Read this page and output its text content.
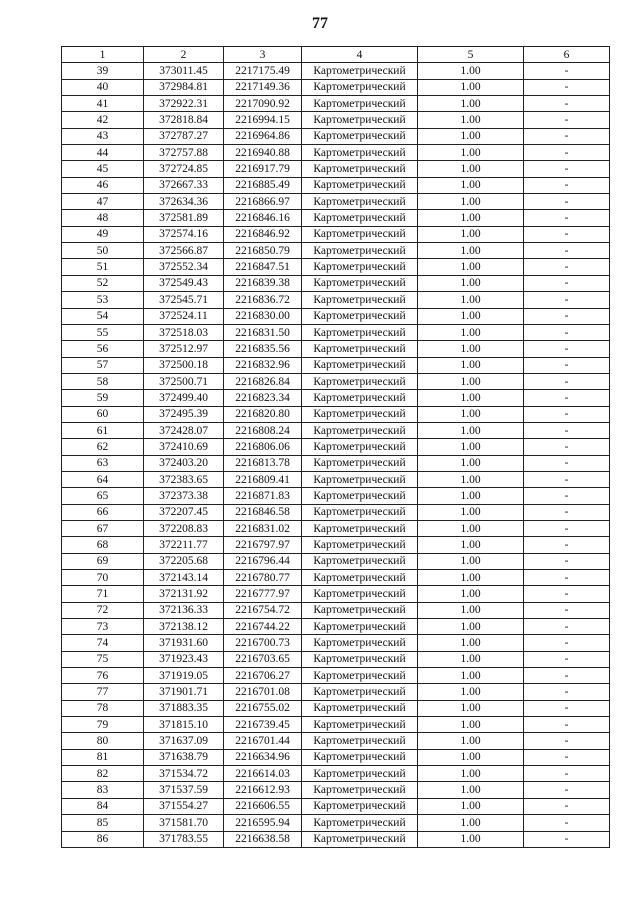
77
1	2	3	4	5	6
39	373011.45	2217175.49	Картометрический	1.00	-
40	372984.81	2217149.36	Картометрический	1.00	-
41	372922.31	2217090.92	Картометрический	1.00	-
42	372818.84	2216994.15	Картометрический	1.00	-
43	372787.27	2216964.86	Картометрический	1.00	-
44	372757.88	2216940.88	Картометрический	1.00	-
45	372724.85	2216917.79	Картометрический	1.00	-
46	372667.33	2216885.49	Картометрический	1.00	-
47	372634.36	2216866.97	Картометрический	1.00	-
48	372581.89	2216846.16	Картометрический	1.00	-
49	372574.16	2216846.92	Картометрический	1.00	-
50	372566.87	2216850.79	Картометрический	1.00	-
51	372552.34	2216847.51	Картометрический	1.00	-
52	372549.43	2216839.38	Картометрический	1.00	-
53	372545.71	2216836.72	Картометрический	1.00	-
54	372524.11	2216830.00	Картометрический	1.00	-
55	372518.03	2216831.50	Картометрический	1.00	-
56	372512.97	2216835.56	Картометрический	1.00	-
57	372500.18	2216832.96	Картометрический	1.00	-
58	372500.71	2216826.84	Картометрический	1.00	-
59	372499.40	2216823.34	Картометрический	1.00	-
60	372495.39	2216820.80	Картометрический	1.00	-
61	372428.07	2216808.24	Картометрический	1.00	-
62	372410.69	2216806.06	Картометрический	1.00	-
63	372403.20	2216813.78	Картометрический	1.00	-
64	372383.65	2216809.41	Картометрический	1.00	-
65	372373.38	2216871.83	Картометрический	1.00	-
66	372207.45	2216846.58	Картометрический	1.00	-
67	372208.83	2216831.02	Картометрический	1.00	-
68	372211.77	2216797.97	Картометрический	1.00	-
69	372205.68	2216796.44	Картометрический	1.00	-
70	372143.14	2216780.77	Картометрический	1.00	-
71	372131.92	2216777.97	Картометрический	1.00	-
72	372136.33	2216754.72	Картометрический	1.00	-
73	372138.12	2216744.22	Картометрический	1.00	-
74	371931.60	2216700.73	Картометрический	1.00	-
75	371923.43	2216703.65	Картометрический	1.00	-
76	371919.05	2216706.27	Картометрический	1.00	-
77	371901.71	2216701.08	Картометрический	1.00	-
78	371883.35	2216755.02	Картометрический	1.00	-
79	371815.10	2216739.45	Картометрический	1.00	-
80	371637.09	2216701.44	Картометрический	1.00	-
81	371638.79	2216634.96	Картометрический	1.00	-
82	371534.72	2216614.03	Картометрический	1.00	-
83	371537.59	2216612.93	Картометрический	1.00	-
84	371554.27	2216606.55	Картометрический	1.00	-
85	371581.70	2216595.94	Картометрический	1.00	-
86	371783.55	2216638.58	Картометрический	1.00	-
